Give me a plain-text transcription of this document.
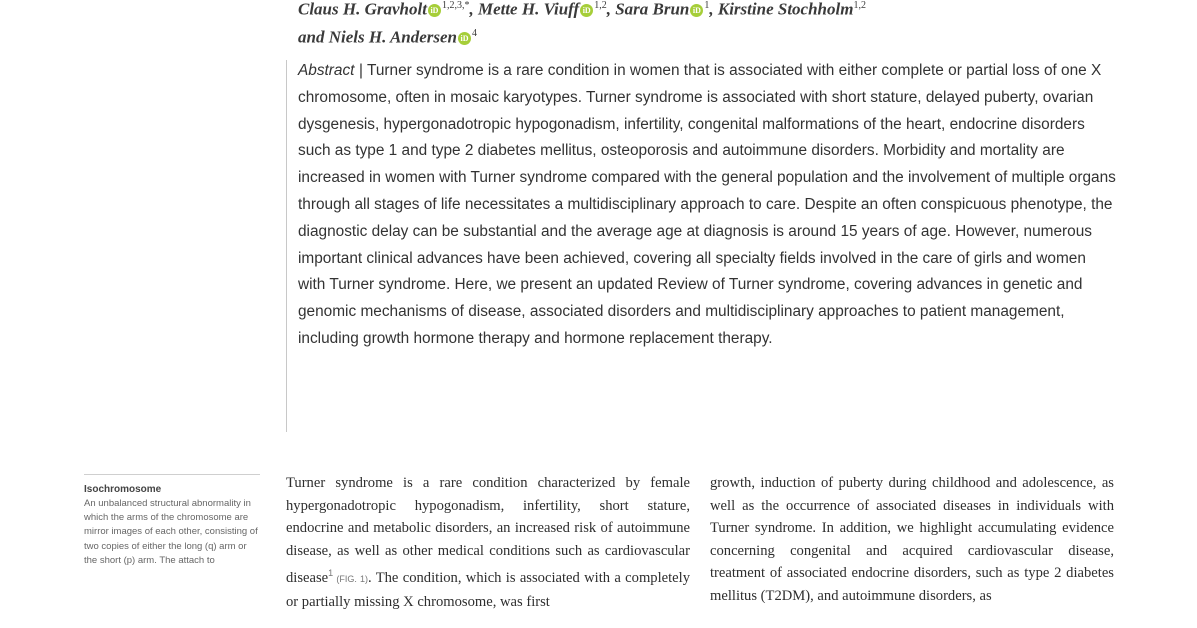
Claus H. Gravholt iD $^{1,2,3,*}$, Mette H. Viuff iD $^{1,2}$, Sara Brun iD $^1$, Kirstine Stochholm$^{1,2}$
and Niels H. Andersen iD $^4$
Abstract | Turner syndrome is a rare condition in women that is associated with either complete or partial loss of one X chromosome, often in mosaic karyotypes. Turner syndrome is associated with short stature, delayed puberty, ovarian dysgenesis, hypergonadotropic hypogonadism, infertility, congenital malformations of the heart, endocrine disorders such as type 1 and type 2 diabetes mellitus, osteoporosis and autoimmune disorders. Morbidity and mortality are increased in women with Turner syndrome compared with the general population and the involvement of multiple organs through all stages of life necessitates a multidisciplinary approach to care. Despite an often conspicuous phenotype, the diagnostic delay can be substantial and the average age at diagnosis is around 15 years of age. However, numerous important clinical advances have been achieved, covering all specialty fields involved in the care of girls and women with Turner syndrome. Here, we present an updated Review of Turner syndrome, covering advances in genetic and genomic mechanisms of disease, associated disorders and multidisciplinary approaches to patient management, including growth hormone therapy and hormone replacement therapy.
Isochromosome
An unbalanced structural abnormality in which the arms of the chromosome are mirror images of each other, consisting of two copies of either the long (q) arm or the short (p) arm. The attach to
Turner syndrome is a rare condition characterized by female hypergonadotropic hypogonadism, infertility, short stature, endocrine and metabolic disorders, an increased risk of autoimmune disease, as well as other medical conditions such as cardiovascular disease$^1$ (FIG. 1). The condition, which is associated with a completely or partially missing X chromosome, was first
growth, induction of puberty during childhood and adolescence, as well as the occurrence of associated diseases in individuals with Turner syndrome. In addition, we highlight accumulating evidence concerning congenital and acquired cardiovascular disease, treatment of associated endocrine disorders, such as type 2 diabetes mellitus (T2DM), and autoimmune disorders, as
